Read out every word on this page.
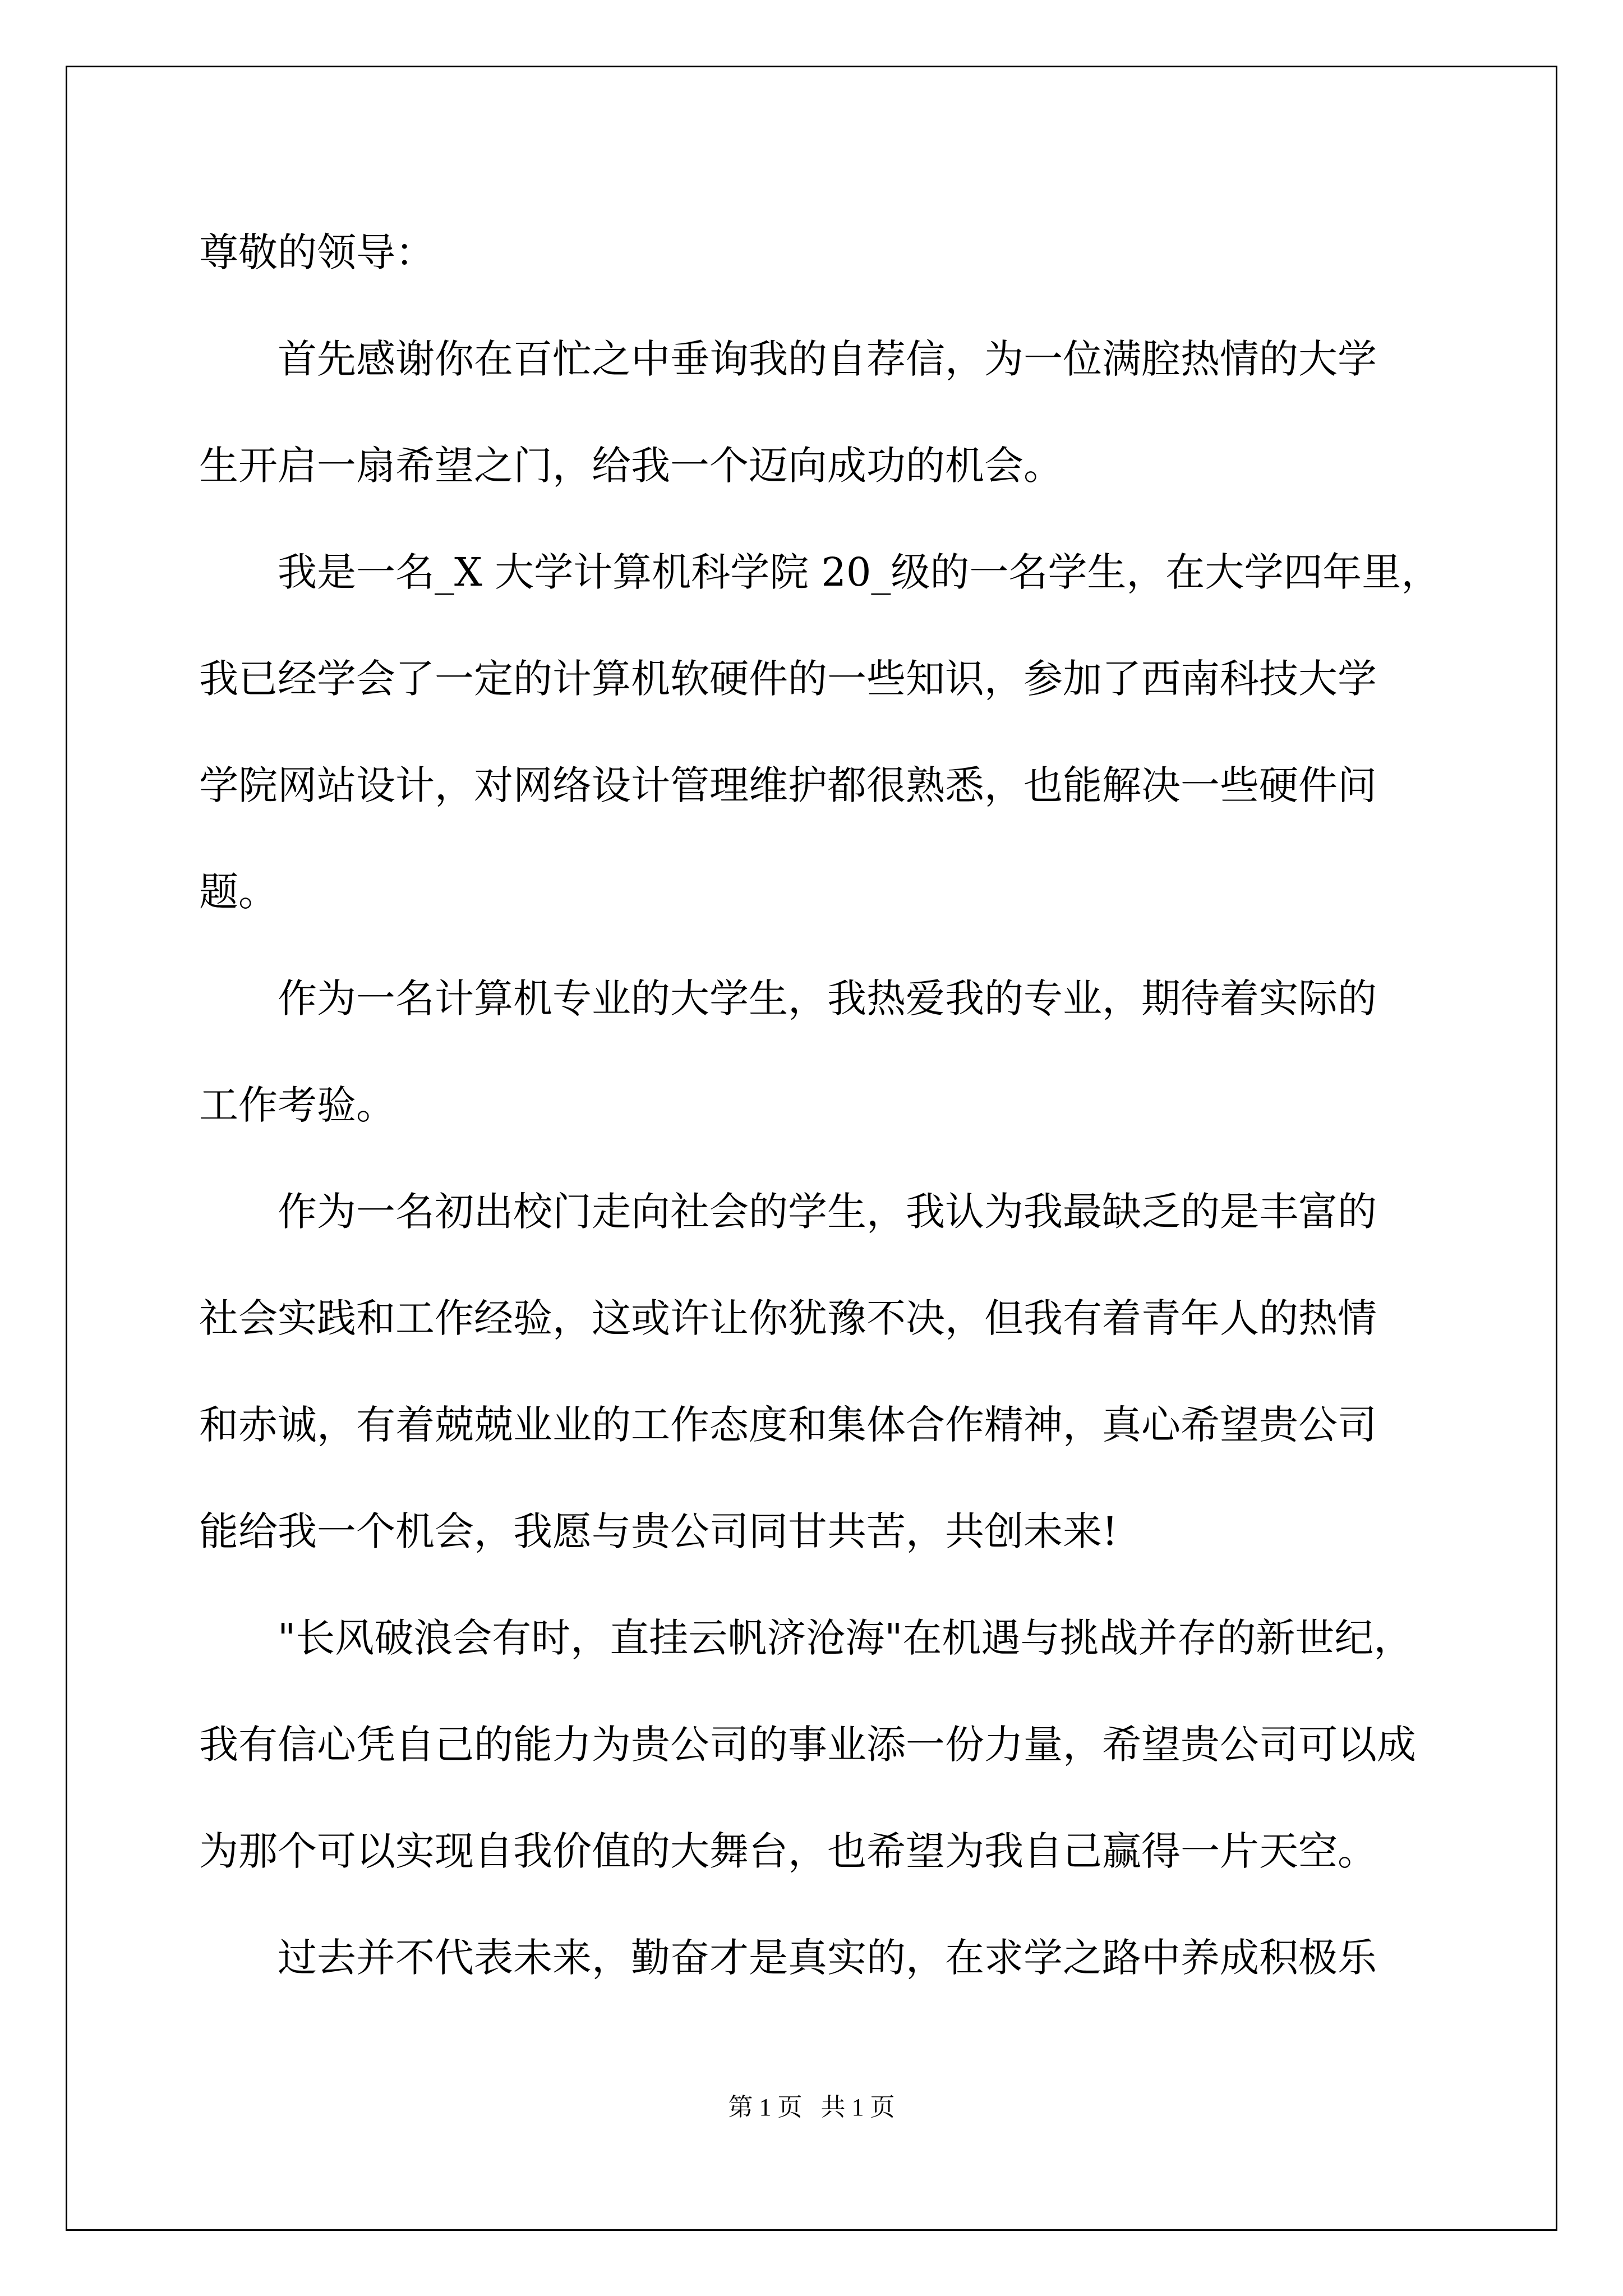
尊敬的领导：
首先感谢你在百忙之中垂询我的自荐信，为一位满腔热情的大学
生开启一扇希望之门，给我一个迈向成功的机会。
我是一名_X 大学计算机科学院 20_级的一名学生，在大学四年里，
我已经学会了一定的计算机软硬件的一些知识，参加了西南科技大学
学院网站设计，对网络设计管理维护都很熟悉，也能解决一些硬件问
题。
作为一名计算机专业的大学生，我热爱我的专业，期待着实际的
工作考验。
作为一名初出校门走向社会的学生，我认为我最缺乏的是丰富的
社会实践和工作经验，这或许让你犹豫不决，但我有着青年人的热情
和赤诚，有着兢兢业业的工作态度和集体合作精神，真心希望贵公司
能给我一个机会，我愿与贵公司同甘共苦，共创未来!
"长风破浪会有时，直挂云帆济沧海"在机遇与挑战并存的新世纪，
我有信心凭自己的能力为贵公司的事业添一份力量，希望贵公司可以成
为那个可以实现自我价值的大舞台，也希望为我自己赢得一片天空。
过去并不代表未来，勤奋才是真实的，在求学之路中养成积极乐
第 1 页 共 1 页
